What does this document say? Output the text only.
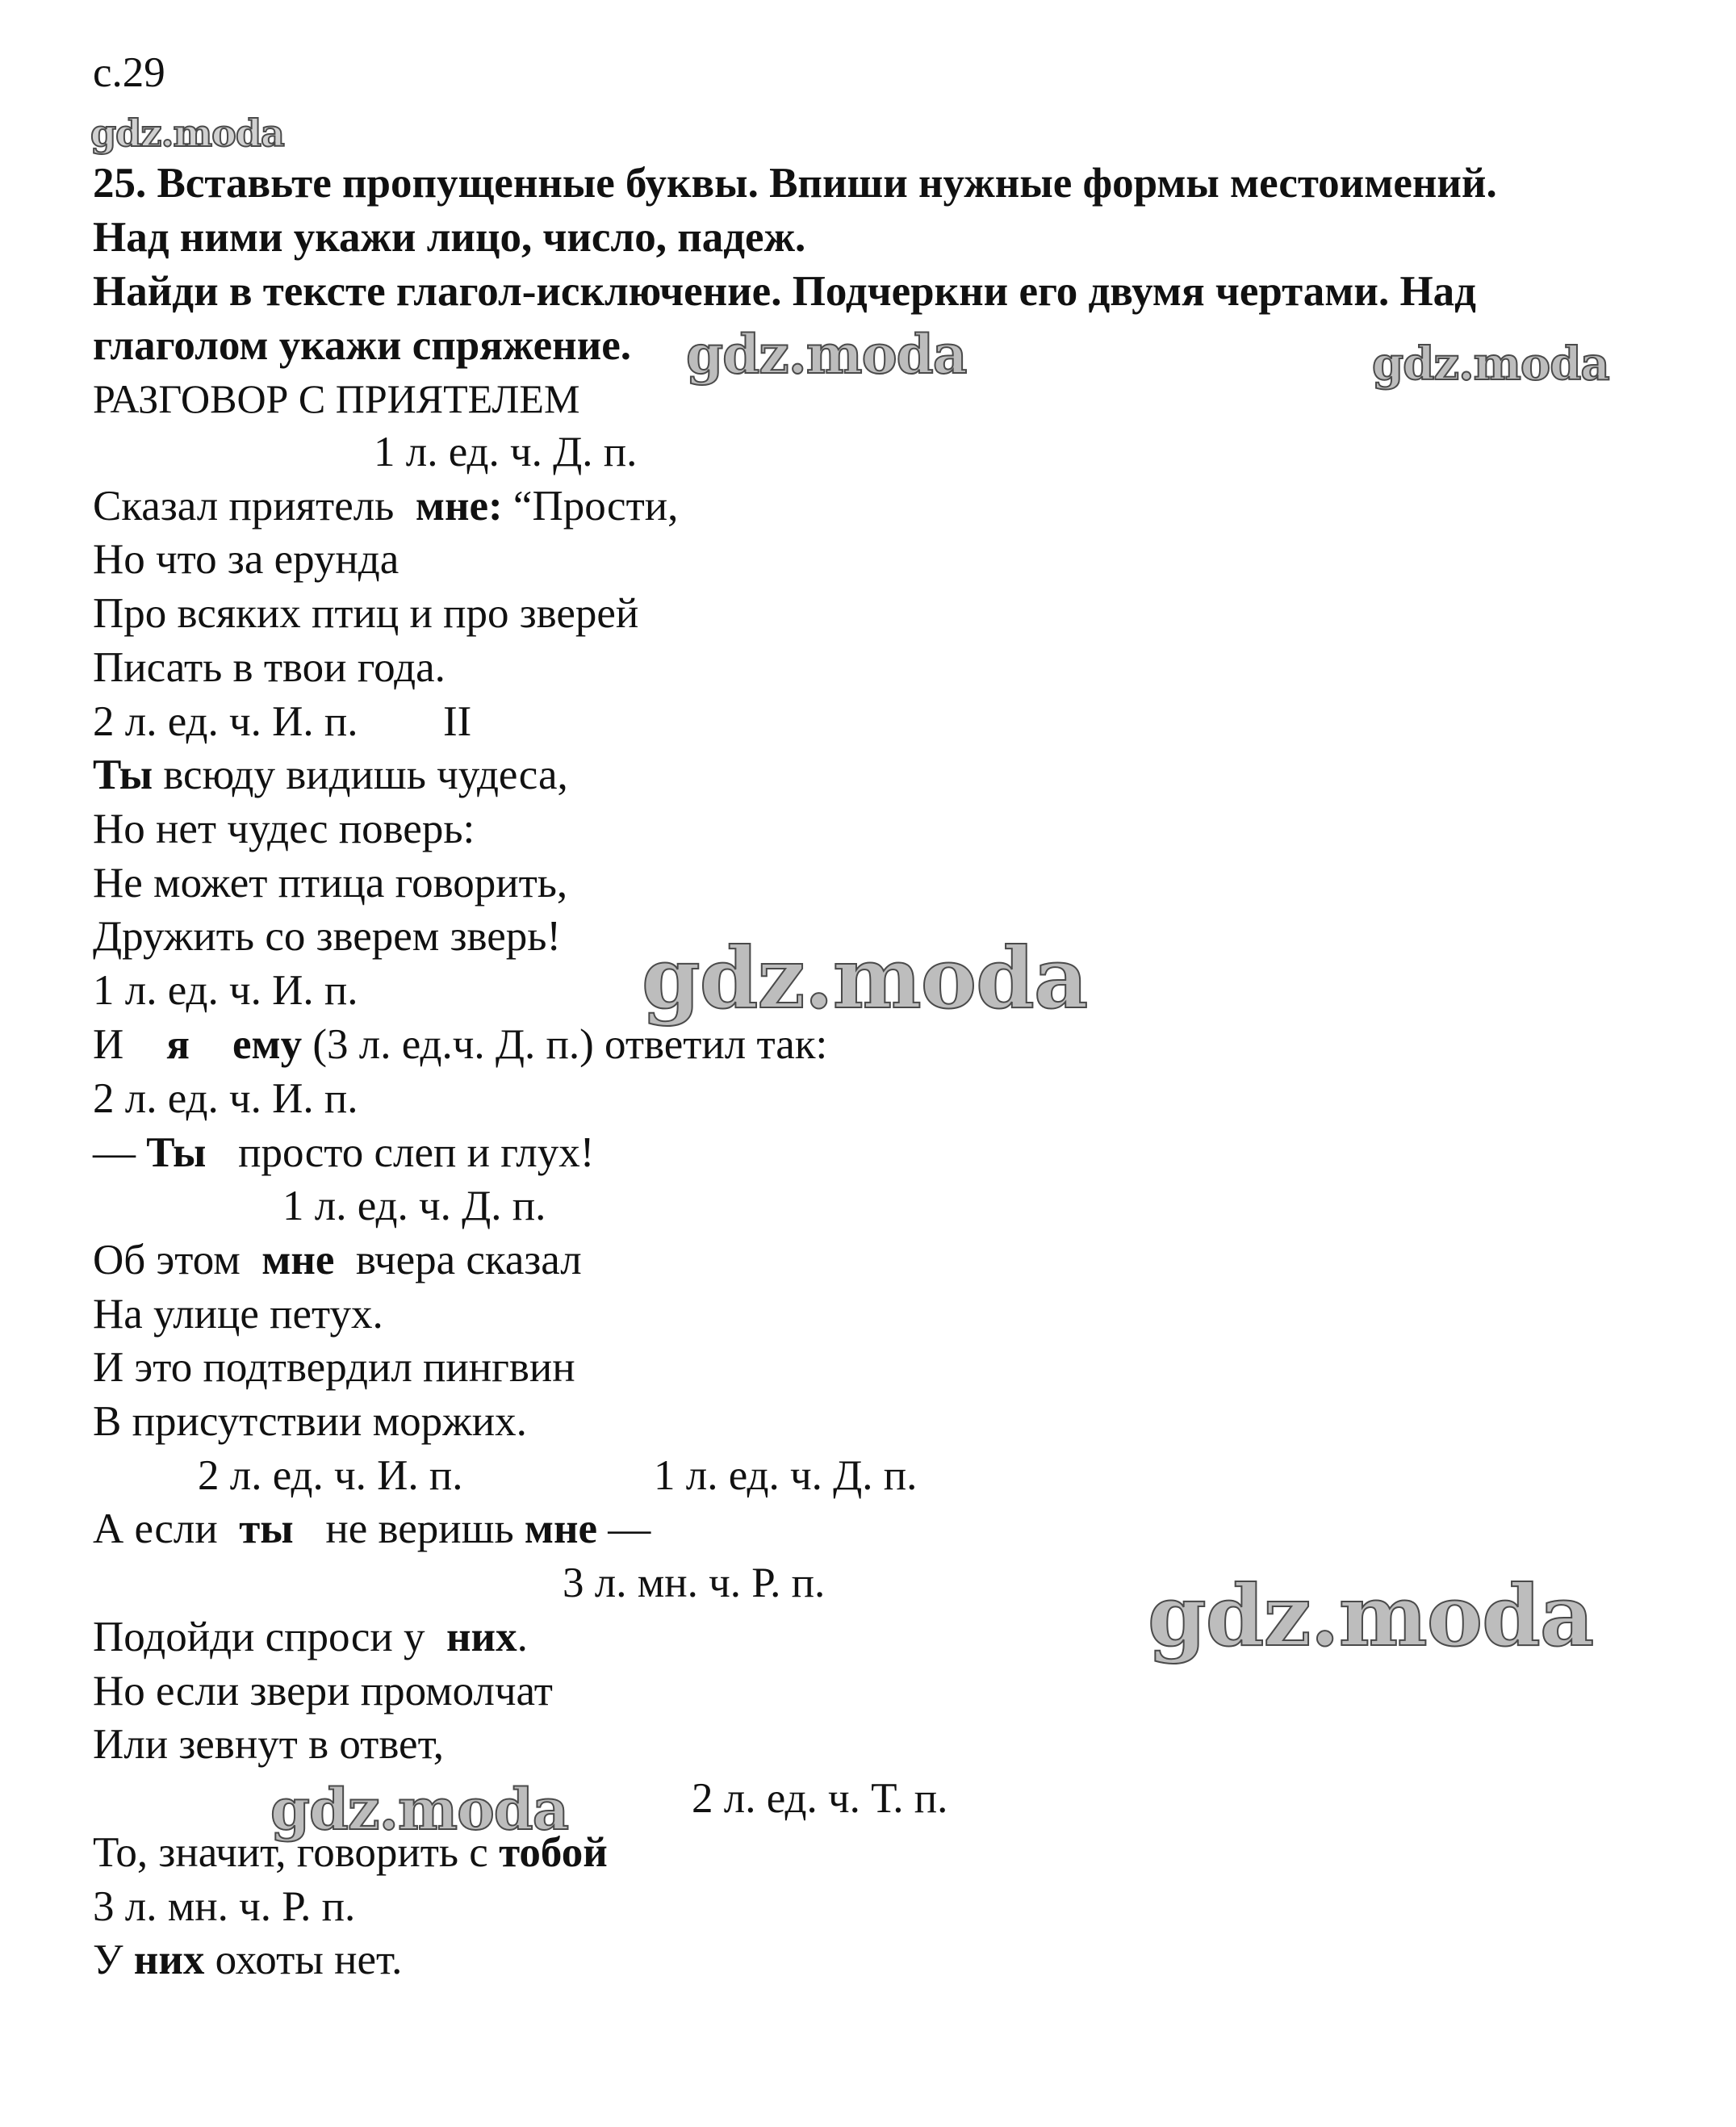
с.29
gdz.moda
gdz.moda	gdz.moda
gdz.moda
gdz.moda
gdz.moda
25. Вставьте пропущенные буквы. Впиши нужные формы местоимений.
Над ними укажи лицо, число, падеж.
Найди в тексте глагол-исключение. Подчеркни его двумя чертами. Над
глаголом укажи спряжение.
РАЗГОВОР С ПРИЯТЕЛЕМ
1 л. ед. ч. Д. п.
Сказал приятель мне: “Прости,
Но что за ерунда
Про всяких птиц и про зверей
Писать в твои года.
2 л. ед. ч. И. п. II
Ты всюду видишь чудеса,
Но нет чудес поверь:
Не может птица говорить,
Дружить со зверем зверь!
1 л. ед. ч. И. п.
И я ему (3 л. ед.ч. Д. п.) ответил так:
2 л. ед. ч. И. п.
— Ты просто слеп и глух!
1 л. ед. ч. Д. п.
Об этом мне вчера сказал
На улице петух.
И это подтвердил пингвин
В присутствии моржих.
2 л. ед. ч. И. п.	1 л. ед. ч. Д. п.
А если ты не веришь мне —
3 л. мн. ч. Р. п.
Подойди спроси у них.
Но если звери промолчат
Или зевнут в ответ,
2 л. ед. ч. Т. п.
То, значит, говорить с тобой
3 л. мн. ч. Р. п.
У них охоты нет.
